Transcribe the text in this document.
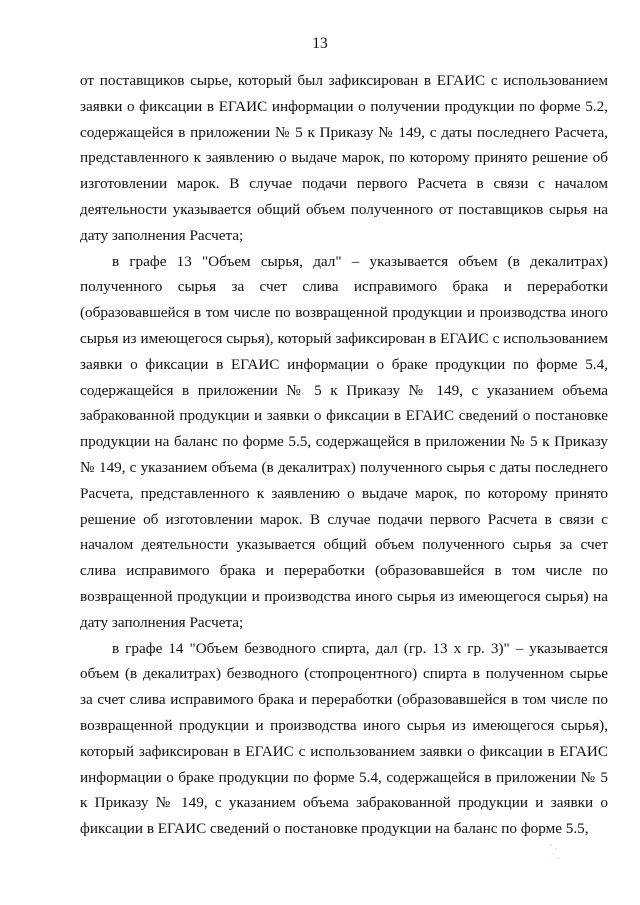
13

от поставщиков сырье, который был зафиксирован в ЕГАИС с использованием заявки о фиксации в ЕГАИС информации о получении продукции по форме 5.2, содержащейся в приложении № 5 к Приказу № 149, с даты последнего Расчета, представленного к заявлению о выдаче марок, по которому принято решение об изготовлении марок. В случае подачи первого Расчета в связи с началом деятельности указывается общий объем полученного от поставщиков сырья на дату заполнения Расчета;

в графе 13 "Объем сырья, дал" – указывается объем (в декалитрах) полученного сырья за счет слива исправимого брака и переработки (образовавшейся в том числе по возвращенной продукции и производства иного сырья из имеющегося сырья), который зафиксирован в ЕГАИС с использованием заявки о фиксации в ЕГАИС информации о браке продукции по форме 5.4, содержащейся в приложении № 5 к Приказу № 149, с указанием объема забракованной продукции и заявки о фиксации в ЕГАИС сведений о постановке продукции на баланс по форме 5.5, содержащейся в приложении № 5 к Приказу № 149, с указанием объема (в декалитрах) полученного сырья с даты последнего Расчета, представленного к заявлению о выдаче марок, по которому принято решение об изготовлении марок. В случае подачи первого Расчета в связи с началом деятельности указывается общий объем полученного сырья за счет слива исправимого брака и переработки (образовавшейся в том числе по возвращенной продукции и производства иного сырья из имеющегося сырья) на дату заполнения Расчета;

в графе 14 "Объем безводного спирта, дал (гр. 13 х гр. 3)" – указывается объем (в декалитрах) безводного (стопроцентного) спирта в полученном сырье за счет слива исправимого брака и переработки (образовавшейся в том числе по возвращенной продукции и производства иного сырья из имеющегося сырья), который зафиксирован в ЕГАИС с использованием заявки о фиксации в ЕГАИС информации о браке продукции по форме 5.4, содержащейся в приложении № 5 к Приказу № 149, с указанием объема забракованной продукции и заявки о фиксации в ЕГАИС сведений о постановке продукции на баланс по форме 5.5,
